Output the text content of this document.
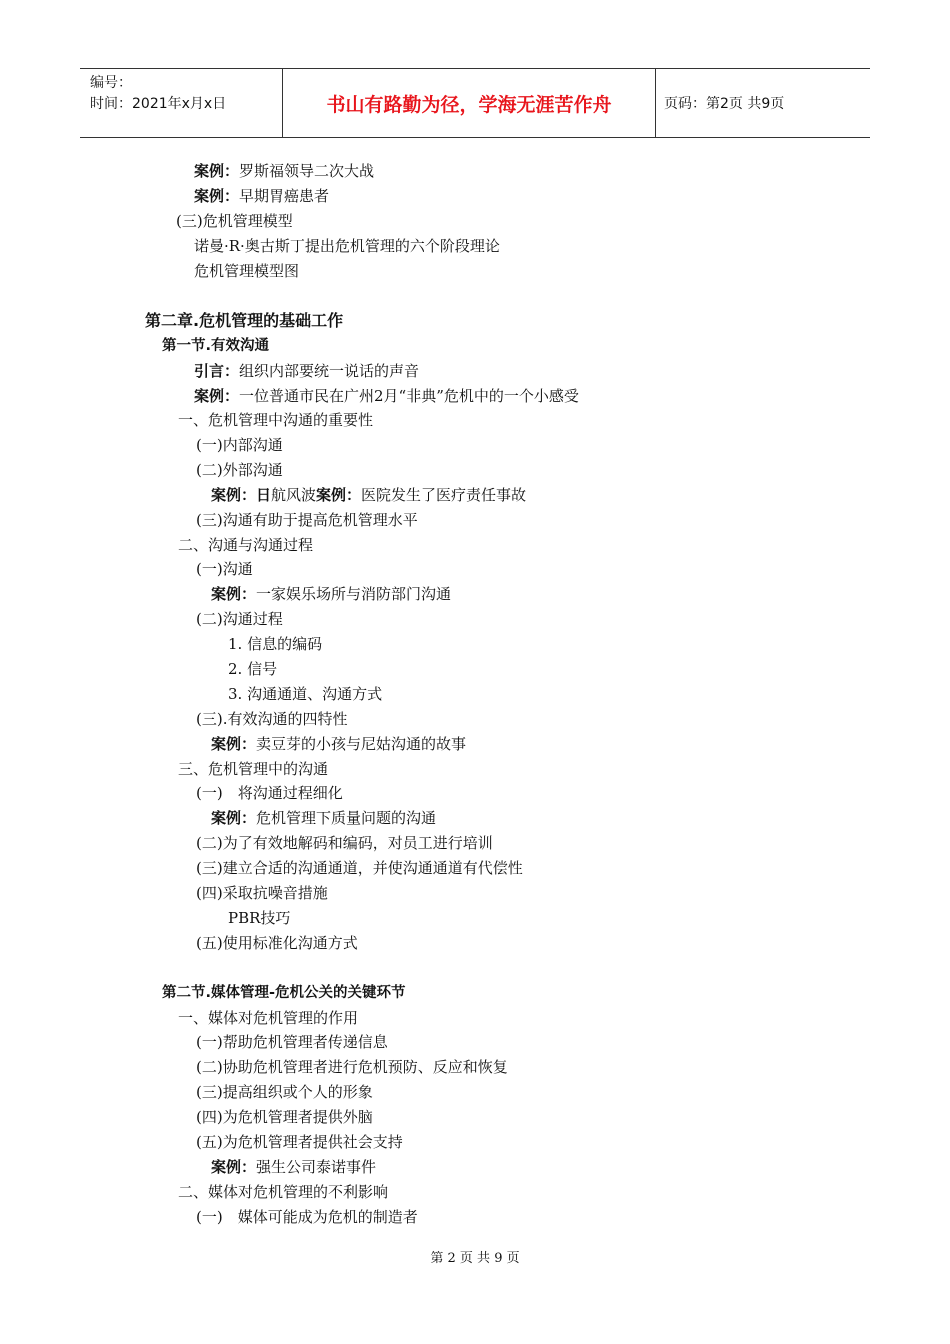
编号：
时间：2021年x月x日	书山有路勤为径，学海无涯苦作舟	页码：第2页 共9页
案例：罗斯福领导二次大战
案例：早期胃癌患者
(三)危机管理模型
诺曼·R·奥古斯丁提出危机管理的六个阶段理论
危机管理模型图
第二章.危机管理的基础工作
第一节.有效沟通
引言：组织内部要统一说话的声音
案例：一位普通市民在广州2月“非典”危机中的一个小感受
一、危机管理中沟通的重要性
(一)内部沟通
(二)外部沟通
案例：日航风波案例：医院发生了医疗责任事故
(三)沟通有助于提高危机管理水平
二、沟通与沟通过程
(一)沟通
案例：一家娱乐场所与消防部门沟通
(二)沟通过程
1. 信息的编码
2. 信号
3. 沟通通道、沟通方式
(三).有效沟通的四特性
案例：卖豆芽的小孩与尼姑沟通的故事
三、危机管理中的沟通
(一)　将沟通过程细化
案例：危机管理下质量问题的沟通
(二)为了有效地解码和编码，对员工进行培训
(三)建立合适的沟通通道，并使沟通通道有代偿性
(四)采取抗噪音措施
PBR技巧
(五)使用标准化沟通方式
第二节.媒体管理-危机公关的关键环节
一、媒体对危机管理的作用
(一)帮助危机管理者传递信息
(二)协助危机管理者进行危机预防、反应和恢复
(三)提高组织或个人的形象
(四)为危机管理者提供外脑
(五)为危机管理者提供社会支持
案例：强生公司泰诺事件
二、媒体对危机管理的不利影响
(一)　媒体可能成为危机的制造者
第 2 页 共 9 页
